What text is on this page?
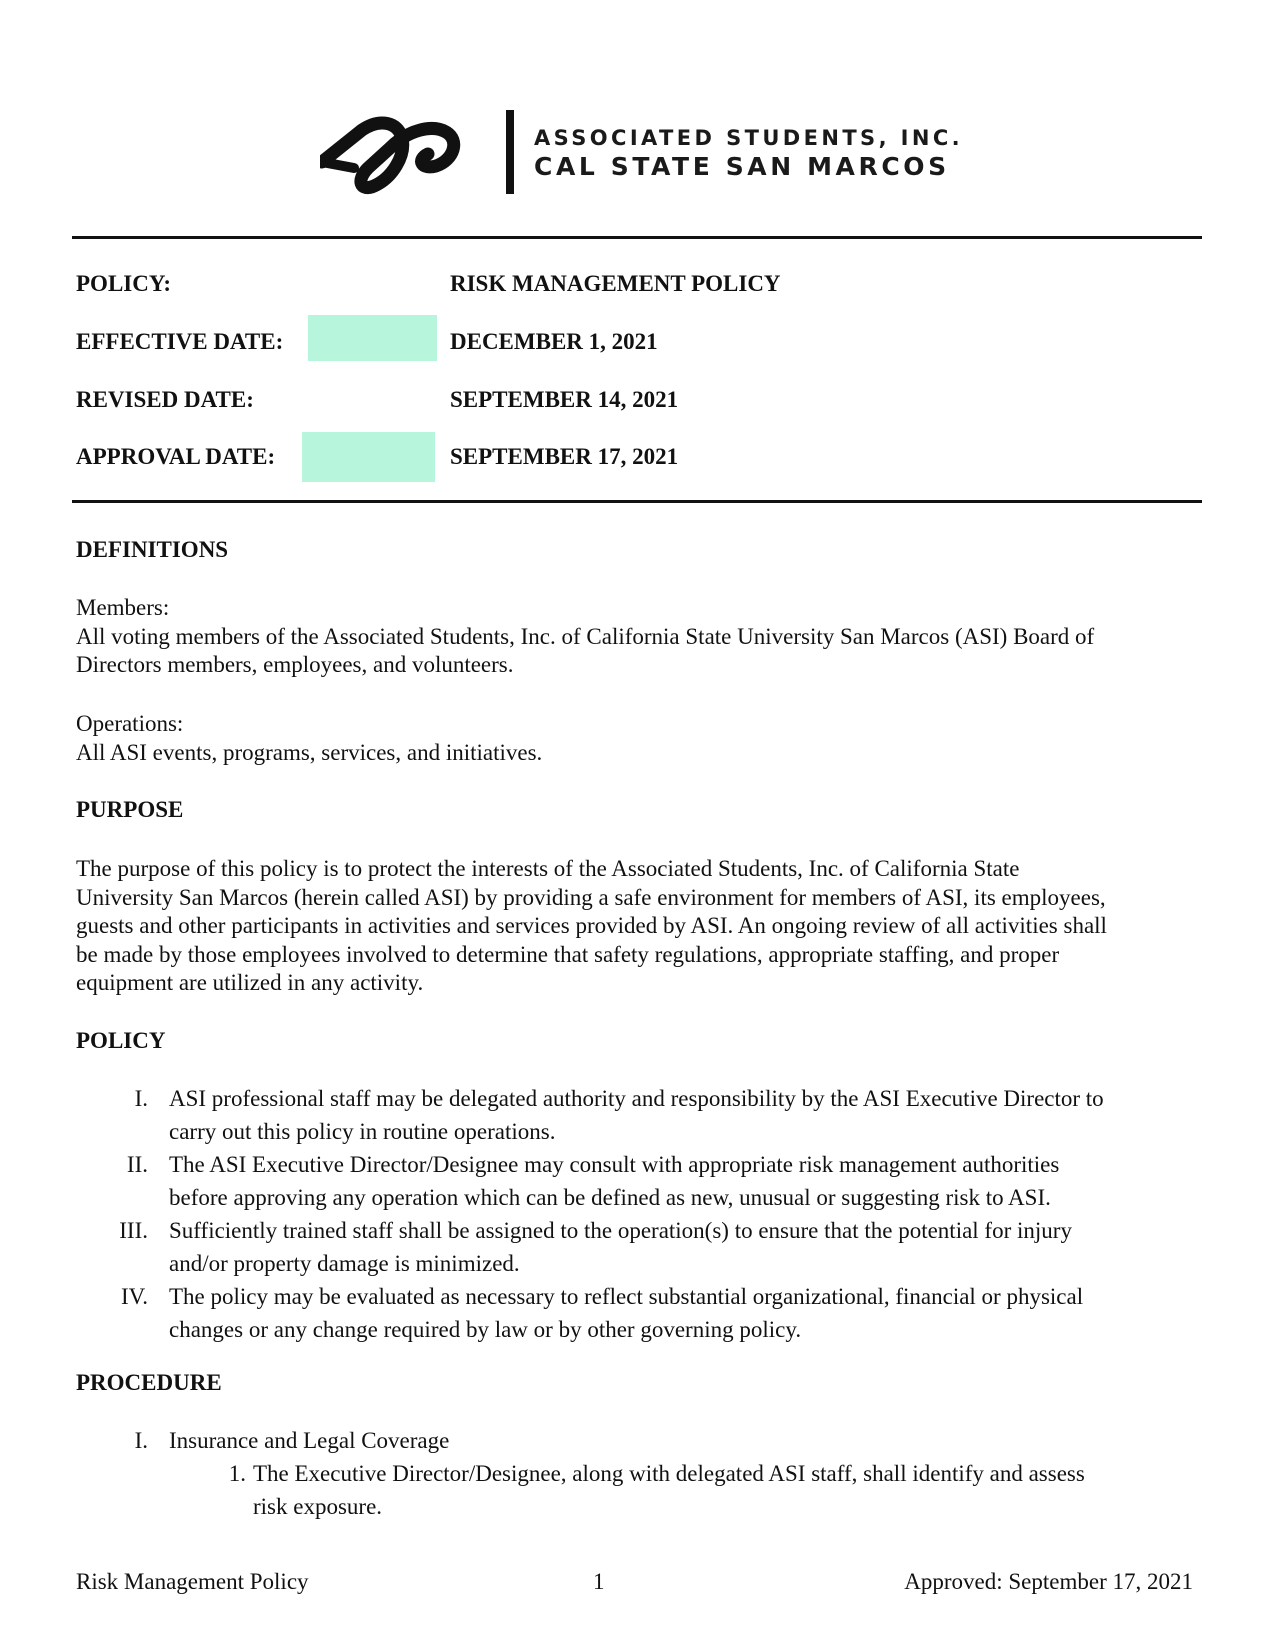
ASSOCIATED STUDENTS, INC.
CAL STATE SAN MARCOS
POLICY:	RISK MANAGEMENT POLICY
EFFECTIVE DATE:	DECEMBER 1, 2021
REVISED DATE:	SEPTEMBER 14, 2021
APPROVAL DATE:	SEPTEMBER 17, 2021
DEFINITIONS
Members:
All voting members of the Associated Students, Inc. of California State University San Marcos (ASI) Board of
Directors members, employees, and volunteers.
Operations:
All ASI events, programs, services, and initiatives.
PURPOSE
The purpose of this policy is to protect the interests of the Associated Students, Inc. of California State
University San Marcos (herein called ASI) by providing a safe environment for members of ASI, its employees,
guests and other participants in activities and services provided by ASI. An ongoing review of all activities shall
be made by those employees involved to determine that safety regulations, appropriate staffing, and proper
equipment are utilized in any activity.
POLICY
I. ASI professional staff may be delegated authority and responsibility by the ASI Executive Director to
carry out this policy in routine operations.
II. The ASI Executive Director/Designee may consult with appropriate risk management authorities
before approving any operation which can be defined as new, unusual or suggesting risk to ASI.
III. Sufficiently trained staff shall be assigned to the operation(s) to ensure that the potential for injury
and/or property damage is minimized.
IV. The policy may be evaluated as necessary to reflect substantial organizational, financial or physical
changes or any change required by law or by other governing policy.
PROCEDURE
I. Insurance and Legal Coverage
1. The Executive Director/Designee, along with delegated ASI staff, shall identify and assess
risk exposure.
Risk Management Policy	1	Approved: September 17, 2021
